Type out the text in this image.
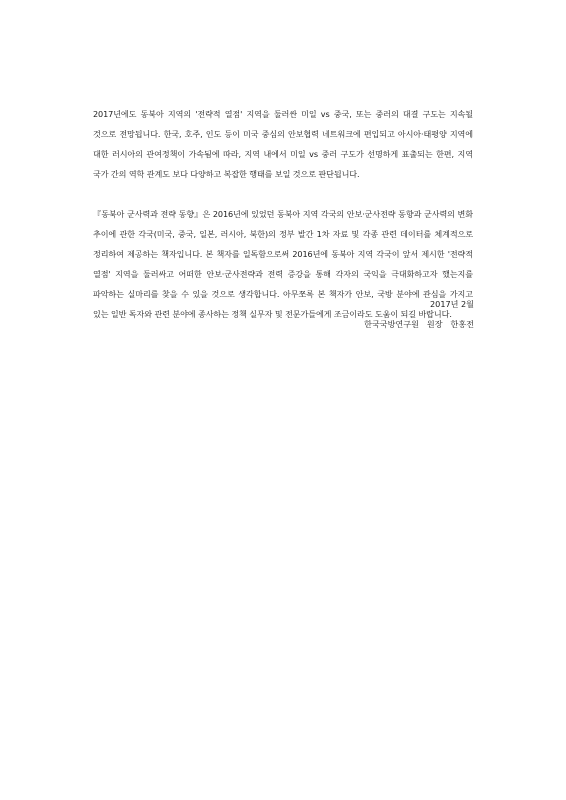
2017년에도 동북아 지역의 '전략적 열점' 지역을 둘러싼 미일 vs 중국, 또는 중러의 대결 구도는 지속될 것으로 전망됩니다. 한국, 호주, 인도 등이 미국 중심의 안보협력 네트워크에 편입되고 아시아·태평양 지역에 대한 러시아의 관여정책이 가속됨에 따라, 지역 내에서 미일 vs 중러 구도가 선명하게 표출되는 한편, 지역 국가 간의 역학 관계도 보다 다양하고 복잡한 행태를 보일 것으로 판단됩니다.

『동북아 군사력과 전략 동향』은 2016년에 있었던 동북아 지역 각국의 안보·군사전략 동향과 군사력의 변화 추이에 관한 각국(미국, 중국, 일본, 러시아, 북한)의 정부 발간 1차 자료 및 각종 관련 데이터를 체계적으로 정리하여 제공하는 책자입니다. 본 책자를 일독함으로써 2016년에 동북아 지역 각국이 앞서 제시한 '전략적 열점' 지역을 둘러싸고 어떠한 안보·군사전략과 전력 증강을 통해 각자의 국익을 극대화하고자 했는지를 파악하는 실마리를 찾을 수 있을 것으로 생각합니다. 아무쪼록 본 책자가 안보, 국방 분야에 관심을 가지고 있는 일반 독자와 관련 분야에 종사하는 정책 실무자 및 전문가들에게 조금이라도 도움이 되길 바랍니다.

2017년 2월
한국국방연구원 원장 한홍전
